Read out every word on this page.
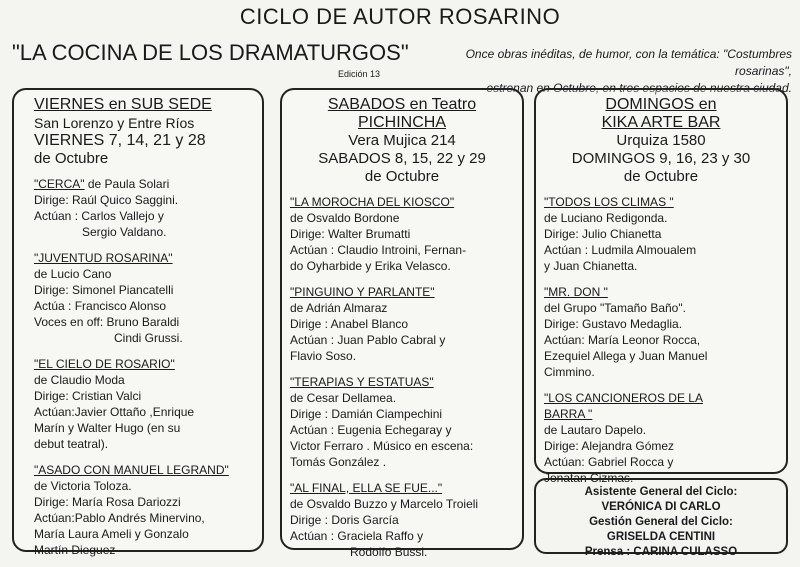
CICLO DE AUTOR ROSARINO
"LA COCINA DE LOS DRAMATURGOS"
Edición 13
Once obras inéditas, de humor, con la temática: "Costumbres rosarinas",
estrenan en Octubre, en tres espacios de nuestra ciudad.
VIERNES en SUB SEDE
San Lorenzo y Entre Ríos
VIERNES 7, 14, 21 y 28
de Octubre
"CERCA" de Paula Solari
Dirige: Raúl Quico Saggini.
Actúan : Carlos Vallejo y
Sergio Valdano.
"JUVENTUD ROSARINA"
de Lucio Cano
Dirige: Simonel Piancatelli
Actúa : Francisco Alonso
Voces en off: Bruno Baraldi
Cindi Grussi.
"EL CIELO DE ROSARIO"
de Claudio Moda
Dirige: Cristian Valci
Actúan:Javier Ottaño ,Enrique
Marín y Walter Hugo (en su
debut teatral).
"ASADO CON MANUEL LEGRAND"
de Victoria Toloza.
Dirige: María Rosa Dariozzi
Actúan:Pablo Andrés Minervino,
María Laura Ameli y Gonzalo
Martín Dieguez
SABADOS en Teatro
PICHINCHA
Vera Mujica 214
SABADOS 8, 15, 22 y 29
de Octubre
"LA MOROCHA DEL KIOSCO"
de Osvaldo Bordone
Dirige: Walter Brumatti
Actúan : Claudio Introini, Fernan-
do Oyharbide y Erika Velasco.
"PINGUINO Y PARLANTE"
de Adrián Almaraz
Dirige : Anabel Blanco
Actúan : Juan Pablo Cabral y
Flavio Soso.
"TERAPIAS Y ESTATUAS"
de Cesar Dellamea.
Dirige : Damián Ciampechini
Actúan : Eugenia Echegaray y
Victor Ferraro . Músico en escena:
Tomás González .
"AL FINAL, ELLA SE FUE..."
de Osvaldo Buzzo y Marcelo Troieli
Dirige : Doris García
Actúan : Graciela Raffo y
Rodolfo Bussi.
DOMINGOS en
KIKA ARTE BAR
Urquiza 1580
DOMINGOS 9, 16, 23 y 30
de Octubre
"TODOS LOS CLIMAS "
de Luciano Redigonda.
Dirige: Julio Chianetta
Actúan : Ludmila Almoualem
y Juan Chianetta.
"MR. DON "
del Grupo "Tamaño Baño".
Dirige: Gustavo Medaglia.
Actúan: María Leonor Rocca,
Ezequiel Allega y Juan Manuel
Cimmino.
"LOS CANCIONEROS DE LA
BARRA "
de Lautaro Dapelo.
Dirige: Alejandra Gómez
Actúan: Gabriel Rocca y
Jonatan Cizmas.
Asistente General del Ciclo:
VERÓNICA DI CARLO
Gestión General del Ciclo:
GRISELDA CENTINI
Prensa : CARINA CULASSO
